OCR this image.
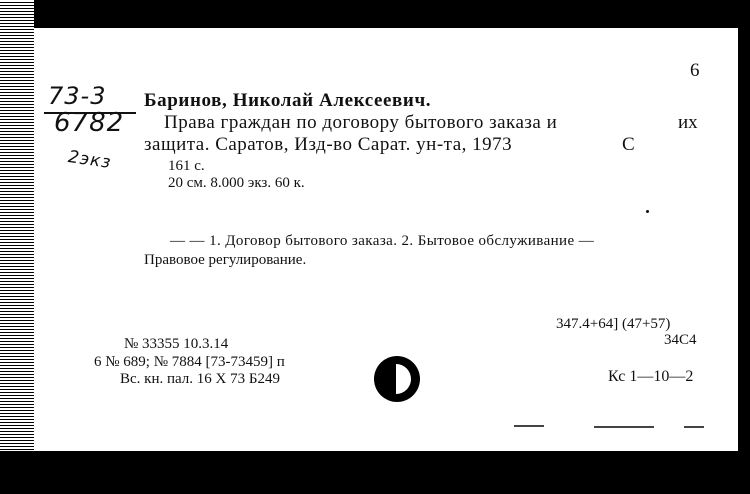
6
73-3
6782
2экз
Баринов, Николай Алексеевич.
Права граждан по договору бытового заказа и	их
защита. Саратов, Изд-во Сарат. ун-та, 1973	С
161 с.
20 см. 8.000 экз. 60 к.
— — 1. Договор бытового заказа. 2. Бытовое обслуживание —
Правовое регулирование.
347.4+64] (47+57)
34С4
№ 33355 10.3.14
6 № 689; № 7884 [73-73459] п
Вс. кн. пал. 16 X 73 Б249	Кс 1—10—2
